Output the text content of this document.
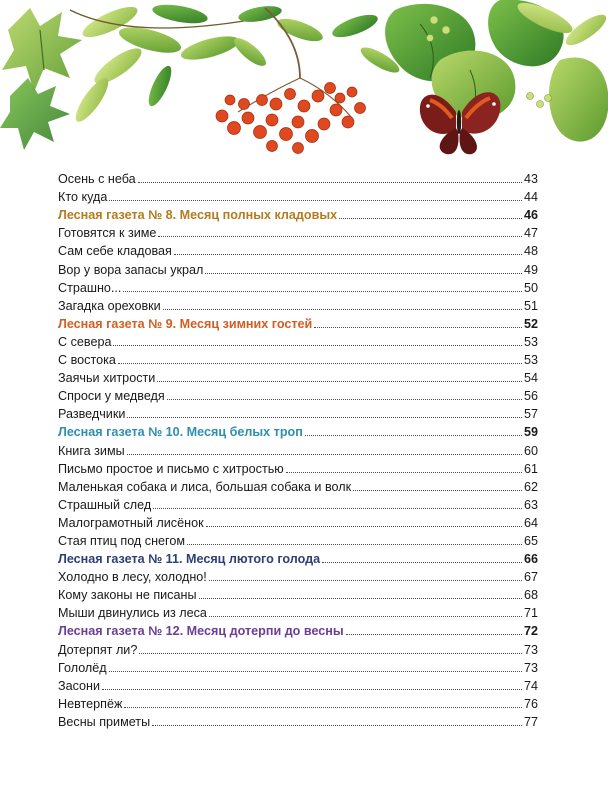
Осень с неба	43
Кто куда	44
Лесная газета № 8. Месяц полных кладовых	46
Готовятся к зиме	47
Сам себе кладовая	48
Вор у вора запасы украл	49
Страшно...	50
Загадка ореховки	51
Лесная газета № 9. Месяц зимних гостей	52
С севера	53
С востока	53
Заячьи хитрости	54
Спроси у медведя	56
Разведчики	57
Лесная газета № 10. Месяц белых троп	59
Книга зимы	60
Письмо простое и письмо с хитростью	61
Маленькая собака и лиса, большая собака и волк	62
Страшный след	63
Малограмотный лисёнок	64
Стая птиц под снегом	65
Лесная газета № 11. Месяц лютого голода	66
Холодно в лесу, холодно!	67
Кому законы не писаны	68
Мыши двинулись из леса	71
Лесная газета № 12. Месяц дотерпи до весны	72
Дотерпят ли?	73
Гололёд	73
Засони	74
Невтерпёж	76
Весны приметы	77
